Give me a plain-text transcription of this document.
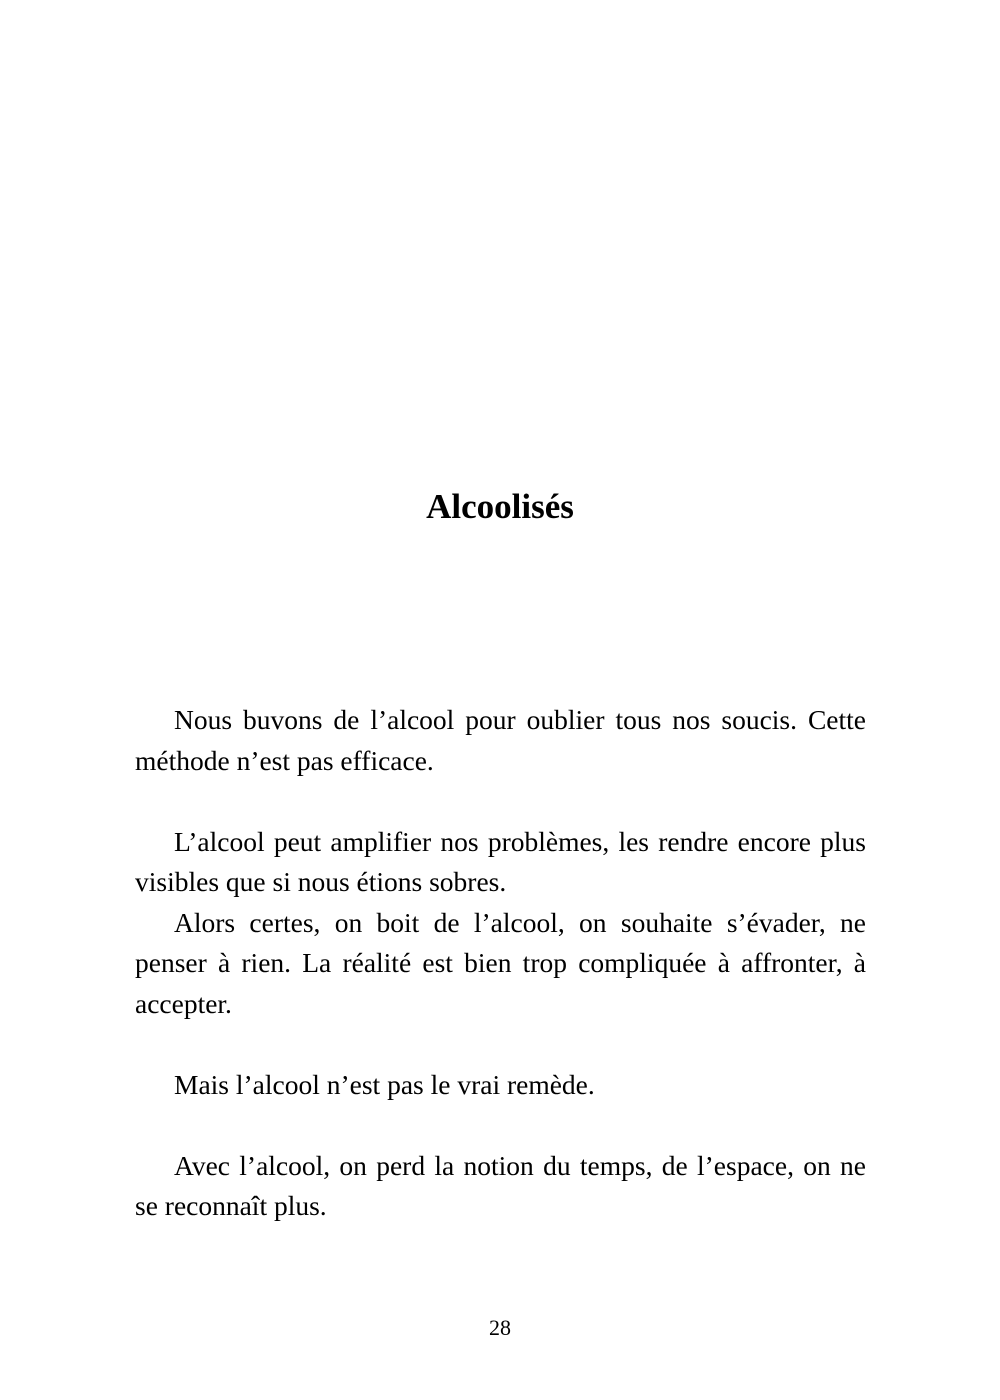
Alcoolisés

Nous buvons de l’alcool pour oublier tous nos soucis. Cette méthode n’est pas efficace.

L’alcool peut amplifier nos problèmes, les rendre encore plus visibles que si nous étions sobres.

Alors certes, on boit de l’alcool, on souhaite s’évader, ne penser à rien. La réalité est bien trop compliquée à affronter, à accepter.

Mais l’alcool n’est pas le vrai remède.

Avec l’alcool, on perd la notion du temps, de l’espace, on ne se reconnaît plus.

28
